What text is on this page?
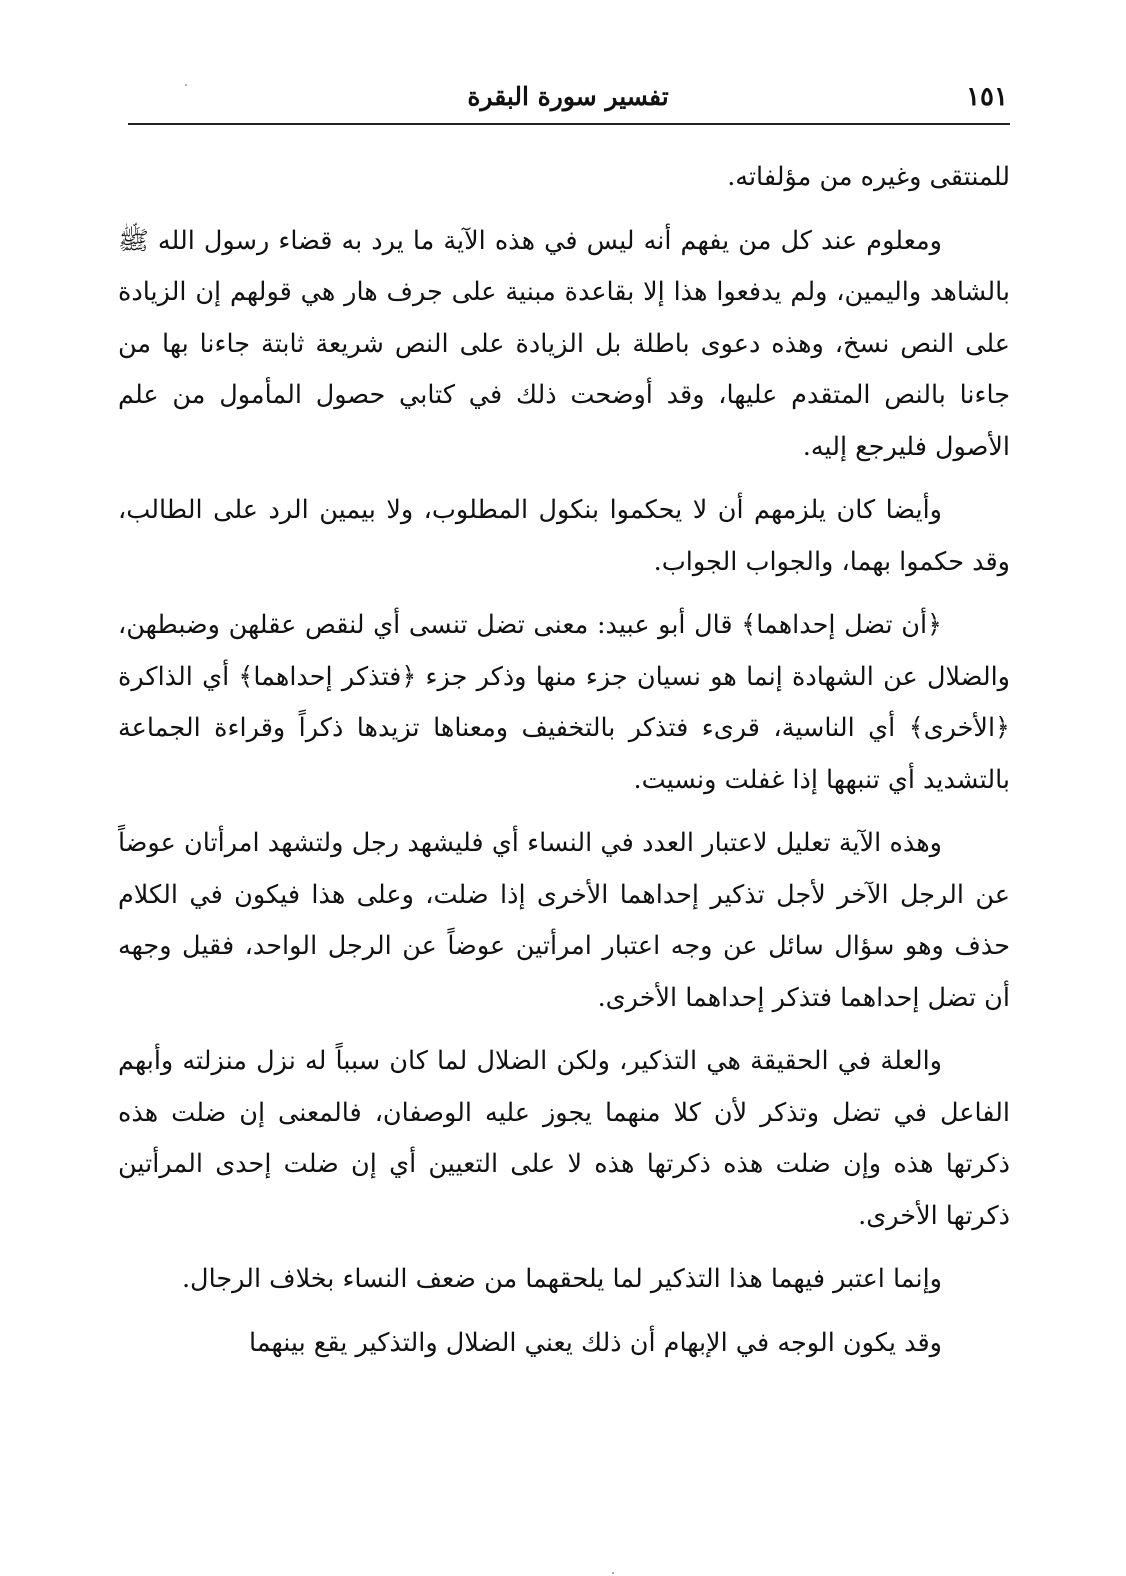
١٥١
تفسير سورة البقرة

للمنتقى وغيره من مؤلفاته.

ومعلوم عند كل من يفهم أنه ليس في هذه الآية ما يرد به قضاء رسول الله ﷺ بالشاهد واليمين، ولم يدفعوا هذا إلا بقاعدة مبنية على جرف هار هي قولهم إن الزيادة على النص نسخ، وهذه دعوى باطلة بل الزيادة على النص شريعة ثابتة جاءنا بها من جاءنا بالنص المتقدم عليها، وقد أوضحت ذلك في كتابي حصول المأمول من علم الأصول فليرجع إليه.

وأيضا كان يلزمهم أن لا يحكموا بنكول المطلوب، ولا بيمين الرد على الطالب، وقد حكموا بهما، والجواب الجواب.

﴿أن تضل إحداهما﴾ قال أبو عبيد: معنى تضل تنسى أي لنقص عقلهن وضبطهن، والضلال عن الشهادة إنما هو نسيان جزء منها وذكر جزء ﴿فتذكر إحداهما﴾ أي الذاكرة ﴿الأخرى﴾ أي الناسية، قرىء فتذكر بالتخفيف ومعناها تزيدها ذكراً وقراءة الجماعة بالتشديد أي تنبهها إذا غفلت ونسيت.

وهذه الآية تعليل لاعتبار العدد في النساء أي فليشهد رجل ولتشهد امرأتان عوضاً عن الرجل الآخر لأجل تذكير إحداهما الأخرى إذا ضلت، وعلى هذا فيكون في الكلام حذف وهو سؤال سائل عن وجه اعتبار امرأتين عوضاً عن الرجل الواحد، فقيل وجهه أن تضل إحداهما فتذكر إحداهما الأخرى.

والعلة في الحقيقة هي التذكير، ولكن الضلال لما كان سبباً له نزل منزلته وأبهم الفاعل في تضل وتذكر لأن كلا منهما يجوز عليه الوصفان، فالمعنى إن ضلت هذه ذكرتها هذه وإن ضلت هذه ذكرتها هذه لا على التعيين أي إن ضلت إحدى المرأتين ذكرتها الأخرى.

وإنما اعتبر فيهما هذا التذكير لما يلحقهما من ضعف النساء بخلاف الرجال.

وقد يكون الوجه في الإبهام أن ذلك يعني الضلال والتذكير يقع بينهما
